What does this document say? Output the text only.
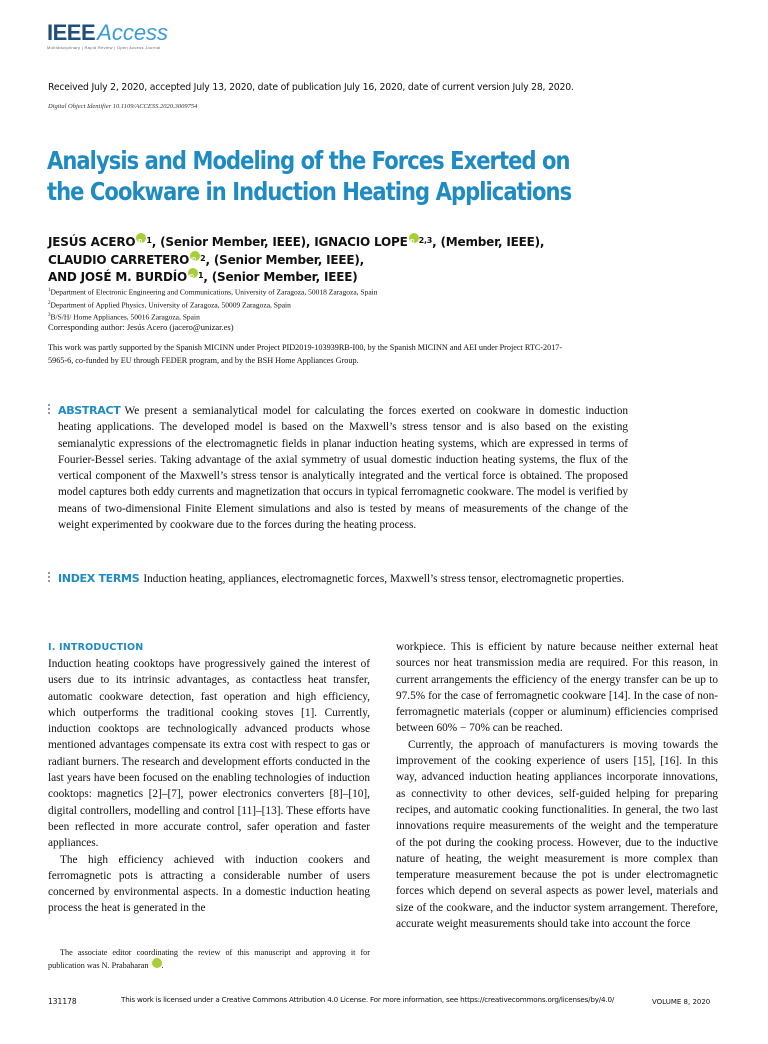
IEEE Access
Multidisciplinary | Rapid Review | Open Access Journal
Received July 2, 2020, accepted July 13, 2020, date of publication July 16, 2020, date of current version July 28, 2020.
Digital Object Identifier 10.1109/ACCESS.2020.3009754
Analysis and Modeling of the Forces Exerted on
the Cookware in Induction Heating Applications
JESÚS ACERO iD $^1$, (Senior Member, IEEE), IGNACIO LOPE iD $^{2,3}$, (Member, IEEE),
CLAUDIO CARRETERO iD $^2$, (Senior Member, IEEE),
AND JOSÉ M. BURDÍO iD $^1$, (Senior Member, IEEE)
$^1$Department of Electronic Engineering and Communications, University of Zaragoza, 50018 Zaragoza, Spain
$^2$Department of Applied Physics, University of Zaragoza, 50009 Zaragoza, Spain
$^3$B/S/H/ Home Appliances, 50016 Zaragoza, Spain
Corresponding author: Jesús Acero (jacero@unizar.es)
This work was partly supported by the Spanish MICINN under Project PID2019-103939RB-I00, by the Spanish MICINN and AEI under Project RTC-2017-5965-6, co-funded by EU through FEDER program, and by the BSH Home Appliances Group.
ABSTRACT We present a semianalytical model for calculating the forces exerted on cookware in domestic induction heating applications. The developed model is based on the Maxwell’s stress tensor and is also based on the existing semianalytic expressions of the electromagnetic fields in planar induction heating systems, which are expressed in terms of Fourier-Bessel series. Taking advantage of the axial symmetry of usual domestic induction heating systems, the flux of the vertical component of the Maxwell’s stress tensor is analytically integrated and the vertical force is obtained. The proposed model captures both eddy currents and magnetization that occurs in typical ferromagnetic cookware. The model is verified by means of two-dimensional Finite Element simulations and also is tested by means of measurements of the change of the weight experimented by cookware due to the forces during the heating process.
INDEX TERMS Induction heating, appliances, electromagnetic forces, Maxwell’s stress tensor, electromagnetic properties.
I. INTRODUCTION

Induction heating cooktops have progressively gained the interest of users due to its intrinsic advantages, as contactless heat transfer, automatic cookware detection, fast operation and high efficiency, which outperforms the traditional cooking stoves [1]. Currently, induction cooktops are technologically advanced products whose mentioned advantages compensate its extra cost with respect to gas or radiant burners. The research and development efforts conducted in the last years have been focused on the enabling technologies of induction cooktops: magnetics [2]–[7], power electronics converters [8]–[10], digital controllers, modelling and control [11]–[13]. These efforts have been reflected in more accurate control, safer operation and faster appliances.

The high efficiency achieved with induction cookers and ferromagnetic pots is attracting a considerable number of users concerned by environmental aspects. In a domestic induction heating process the heat is generated in the

workpiece. This is efficient by nature because neither external heat sources nor heat transmission media are required. For this reason, in current arrangements the efficiency of the energy transfer can be up to 97.5% for the case of ferromagnetic cookware [14]. In the case of non-ferromagnetic materials (copper or aluminum) efficiencies comprised between 60% − 70% can be reached.

Currently, the approach of manufacturers is moving towards the improvement of the cooking experience of users [15], [16]. In this way, advanced induction heating appliances incorporate innovations, as connectivity to other devices, self-guided helping for preparing recipes, and automatic cooking functionalities. In general, the two last innovations require measurements of the weight and the temperature of the pot during the cooking process. However, due to the inductive nature of heating, the weight measurement is more complex than temperature measurement because the pot is under electromagnetic forces which depend on several aspects as power level, materials and size of the cookware, and the inductor system arrangement. Therefore, accurate weight measurements should take into account the force

The associate editor coordinating the review of this manuscript and approving it for publication was N. Prabaharan iD
131178	This work is licensed under a Creative Commons Attribution 4.0 License. For more information, see https://creativecommons.org/licenses/by/4.0/	VOLUME 8, 2020
